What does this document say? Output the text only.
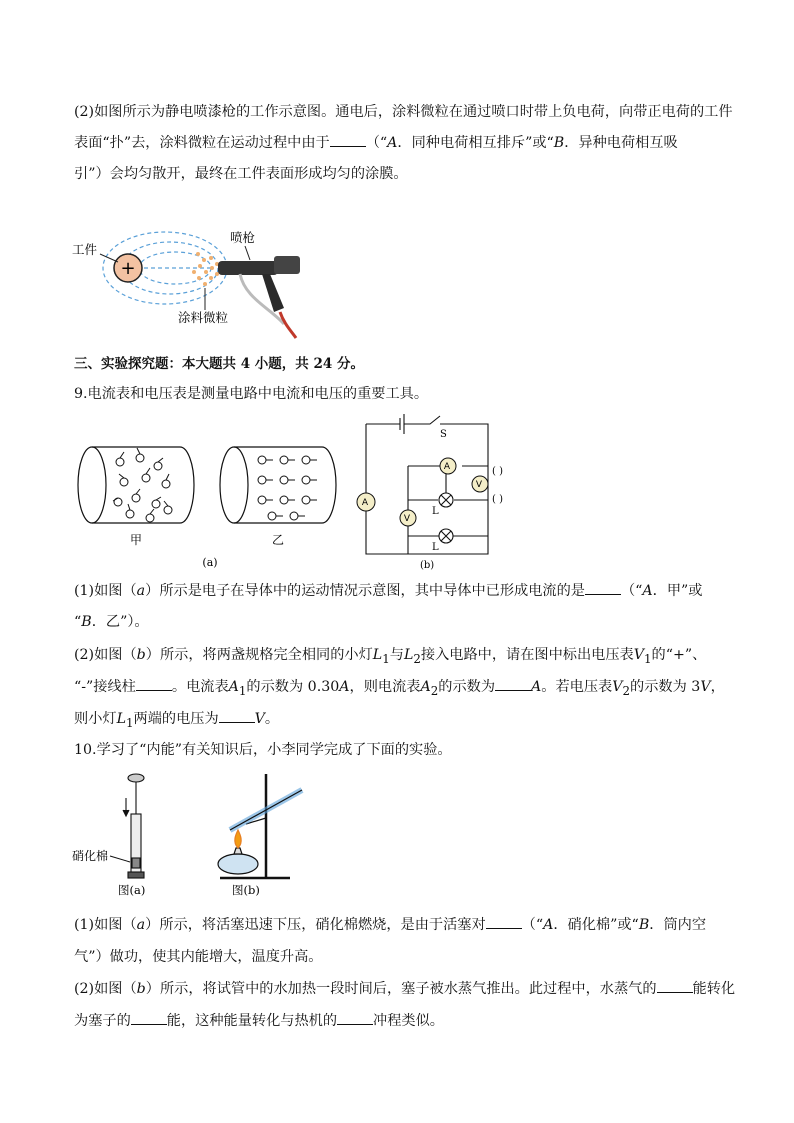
(2)如图所示为静电喷漆枪的工作示意图。通电后，涂料微粒在通过喷口时带上负电荷，向带正电荷的工件
表面“扑”去，涂料微粒在运动过程中由于	（“A．同种电荷相互排斥”或“B．异种电荷相互吸
引”）会均匀散开，最终在工件表面形成均匀的涂膜。
+
工件
涂料微粒
喷枪
三、实验探究题：本大题共 4 小题，共 24 分。
9.电流表和电压表是测量电路中电流和电压的重要工具。
甲	乙
(a)
A
A
V
V
S
( )
( )
L
L
(b)
(1)如图（a）所示是电子在导体中的运动情况示意图，其中导体中已形成电流的是	（“A．甲”或
“B．乙”）。
(2)如图（b）所示，将两盏规格完全相同的小灯$L_1$与$L_2$接入电路中，请在图中标出电压表$V_1$的“+”、
“-”接线柱	。电流表$A_1$的示数为 0.30A，则电流表$A_2$的示数为	A。若电压表$V_2$的示数为 3V，
则小灯$L_1$两端的电压为	V。
10.学习了“内能”有关知识后，小李同学完成了下面的实验。
硝化棉
图(a)	图(b)
(1)如图（a）所示，将活塞迅速下压，硝化棉燃烧，是由于活塞对	（“A．硝化棉”或“B．筒内空
气”）做功，使其内能增大，温度升高。
(2)如图（b）所示，将试管中的水加热一段时间后，塞子被水蒸气推出。此过程中，水蒸气的	能转化
为塞子的	能，这种能量转化与热机的	冲程类似。
